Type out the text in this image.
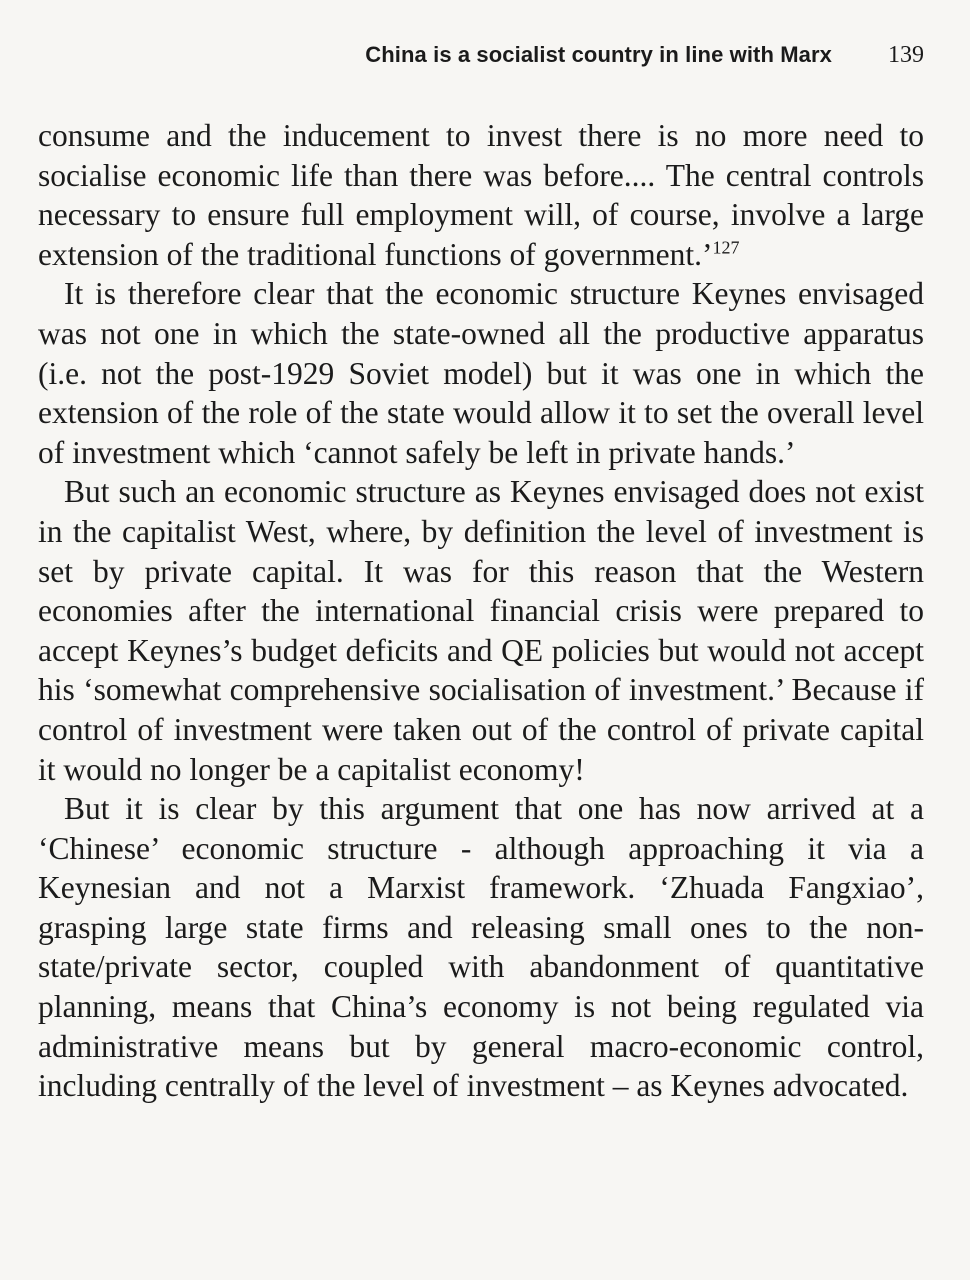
China is a socialist country in line with Marx	139

consume and the inducement to invest there is no more need to socialise economic life than there was before.... The central controls necessary to ensure full employment will, of course, involve a large extension of the traditional functions of government.’$^{127}$

It is therefore clear that the economic structure Keynes envisaged was not one in which the state-owned all the productive apparatus (i.e. not the post-1929 Soviet model) but it was one in which the extension of the role of the state would allow it to set the overall level of investment which ‘cannot safely be left in private hands.’

But such an economic structure as Keynes envisaged does not exist in the capitalist West, where, by definition the level of investment is set by private capital. It was for this reason that the Western economies after the international financial crisis were prepared to accept Keynes’s budget deficits and QE policies but would not accept his ‘somewhat comprehensive socialisation of investment.’ Because if control of investment were taken out of the control of private capital it would no longer be a capitalist economy!

But it is clear by this argument that one has now arrived at a ‘Chinese’ economic structure - although approaching it via a Keynesian and not a Marxist framework. ‘Zhuada Fangxiao’, grasping large state firms and releasing small ones to the non-state/private sector, coupled with abandonment of quantitative planning, means that China’s economy is not being regulated via administrative means but by general macro-economic control, including centrally of the level of investment – as Keynes advocated.
